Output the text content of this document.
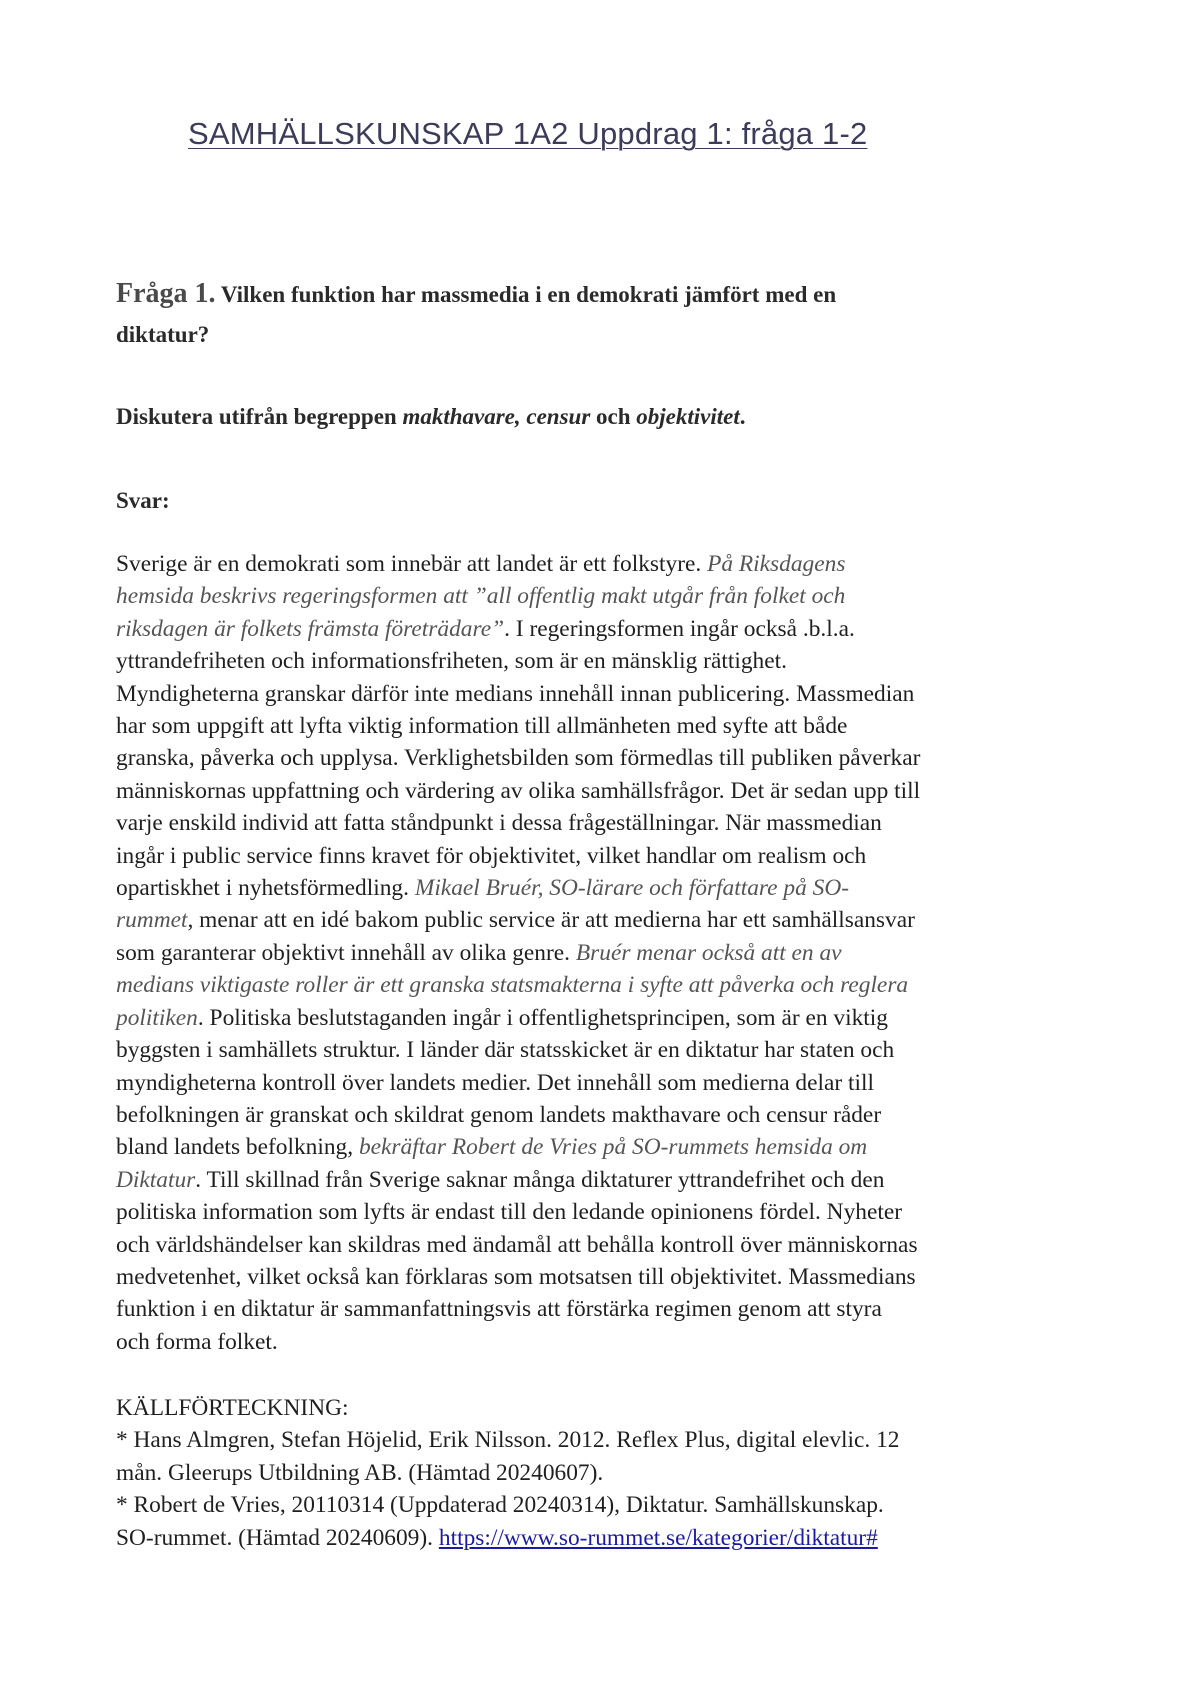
SAMHÄLLSKUNSKAP 1A2 Uppdrag 1: fråga 1-2

Fråga 1. Vilken funktion har massmedia i en demokrati jämfört med en
diktatur?

Diskutera utifrån begreppen makthavare, censur och objektivitet.

Svar:

Sverige är en demokrati som innebär att landet är ett folkstyre. På Riksdagens
hemsida beskrivs regeringsformen att ”all offentlig makt utgår från folket och
riksdagen är folkets främsta företrädare”. I regeringsformen ingår också .b.l.a.
yttrandefriheten och informationsfriheten, som är en mänsklig rättighet.
Myndigheterna granskar därför inte medians innehåll innan publicering. Massmedian
har som uppgift att lyfta viktig information till allmänheten med syfte att både
granska, påverka och upplysa. Verklighetsbilden som förmedlas till publiken påverkar
människornas uppfattning och värdering av olika samhällsfrågor. Det är sedan upp till
varje enskild individ att fatta ståndpunkt i dessa frågeställningar. När massmedian
ingår i public service finns kravet för objektivitet, vilket handlar om realism och
opartiskhet i nyhetsförmedling. Mikael Bruér, SO-lärare och författare på SO-
rummet, menar att en idé bakom public service är att medierna har ett samhällsansvar
som garanterar objektivt innehåll av olika genre. Bruér menar också att en av
medians viktigaste roller är ett granska statsmakterna i syfte att påverka och reglera
politiken. Politiska beslutstaganden ingår i offentlighetsprincipen, som är en viktig
byggsten i samhällets struktur. I länder där statsskicket är en diktatur har staten och
myndigheterna kontroll över landets medier. Det innehåll som medierna delar till
befolkningen är granskat och skildrat genom landets makthavare och censur råder
bland landets befolkning, bekräftar Robert de Vries på SO-rummets hemsida om
Diktatur. Till skillnad från Sverige saknar många diktaturer yttrandefrihet och den
politiska information som lyfts är endast till den ledande opinionens fördel. Nyheter
och världshändelser kan skildras med ändamål att behålla kontroll över människornas
medvetenhet, vilket också kan förklaras som motsatsen till objektivitet. Massmedians
funktion i en diktatur är sammanfattningsvis att förstärka regimen genom att styra
och forma folket.
KÄLLFÖRTECKNING:
* Hans Almgren, Stefan Höjelid, Erik Nilsson. 2012. Reflex Plus, digital elevlic. 12
mån. Gleerups Utbildning AB. (Hämtad 20240607).
* Robert de Vries, 20110314 (Uppdaterad 20240314), Diktatur. Samhällskunskap.
SO-rummet. (Hämtad 20240609). https://www.so-rummet.se/kategorier/diktatur#
